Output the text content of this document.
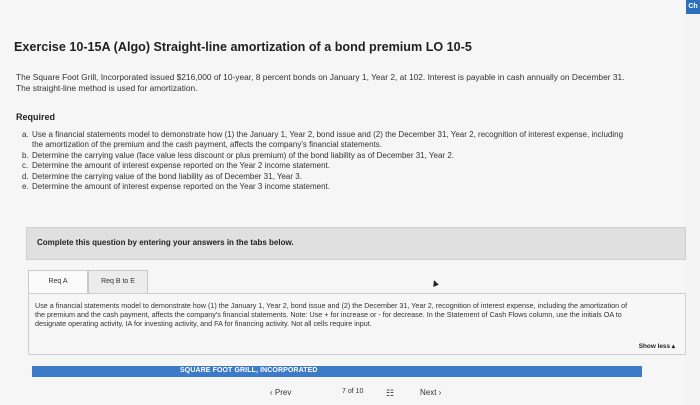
Exercise 10-15A (Algo) Straight-line amortization of a bond premium LO 10-5
The Square Foot Grill, Incorporated issued $216,000 of 10-year, 8 percent bonds on January 1, Year 2, at 102. Interest is payable in cash annually on December 31. The straight-line method is used for amortization.
Required
a. Use a financial statements model to demonstrate how (1) the January 1, Year 2, bond issue and (2) the December 31, Year 2, recognition of interest expense, including the amortization of the premium and the cash payment, affects the company's financial statements.
b. Determine the carrying value (face value less discount or plus premium) of the bond liability as of December 31, Year 2.
c. Determine the amount of interest expense reported on the Year 2 income statement.
d. Determine the carrying value of the bond liability as of December 31, Year 3.
e. Determine the amount of interest expense reported on the Year 3 income statement.
Complete this question by entering your answers in the tabs below.
Req A	Req B to E
Use a financial statements model to demonstrate how (1) the January 1, Year 2, bond issue and (2) the December 31, Year 2, recognition of interest expense, including the amortization of the premium and the cash payment, affects the company's financial statements. Note: Use + for increase or - for decrease. In the Statement of Cash Flows column, use the initials OA to designate operating activity, IA for investing activity, and FA for financing activity. Not all cells require input.
Show less ▴
SQUARE FOOT GRILL, INCORPORATED
‹ Prev	7 of 10	☷	Next ›
Ch
